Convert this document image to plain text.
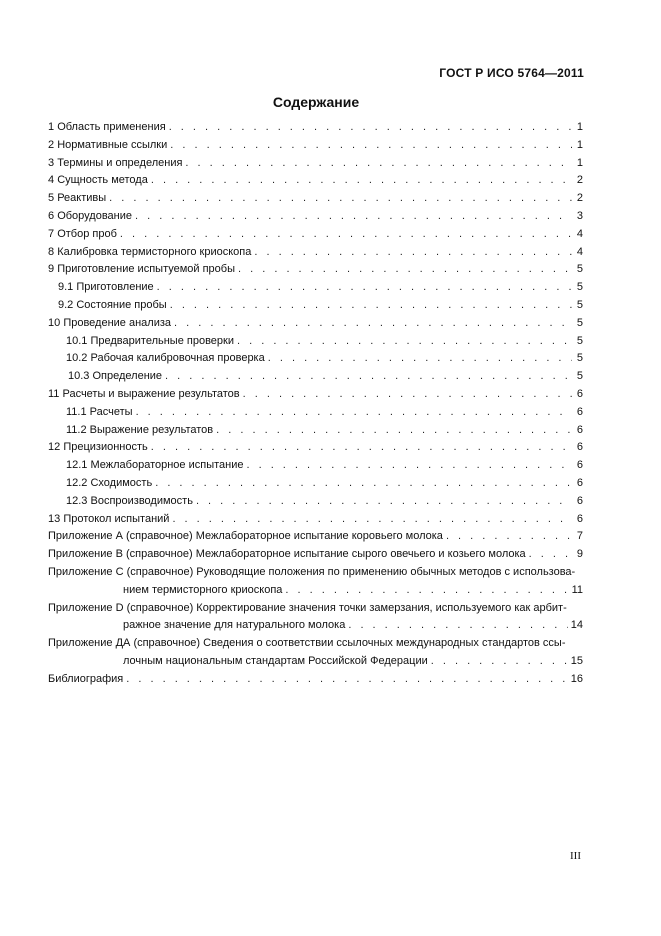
ГОСТ Р ИСО 5764—2011
Содержание
1 Область применения . . .	1
2 Нормативные ссылки . . .	1
3 Термины и определения . . .	1
4 Сущность метода . . .	2
5 Реактивы . . .	2
6 Оборудование . . .	3
7 Отбор проб . . .	4
8 Калибровка термисторного криоскопа . . .	4
9 Приготовление испытуемой пробы . . .	5
9.1 Приготовление . . .	5
9.2 Состояние пробы . . .	5
10 Проведение анализа . . .	5
10.1 Предварительные проверки . . .	5
10.2 Рабочая калибровочная проверка . . .	5
10.3 Определение . . .	5
11 Расчеты и выражение результатов . . .	6
11.1 Расчеты . . .	6
11.2 Выражение результатов . . .	6
12 Прецизионность . . .	6
12.1 Межлабораторное испытание . . .	6
12.2 Сходимость . . .	6
12.3 Воспроизводимость . . .	6
13 Протокол испытаний . . .	6
Приложение А (справочное) Межлабораторное испытание коровьего молока . . .	7
Приложение В (справочное) Межлабораторное испытание сырого овечьего и козьего молока . . .	9
Приложение С (справочное) Руководящие положения по применению обычных методов с использова-
нием термисторного криоскопа . . .	11
Приложение D (справочное) Корректирование значения точки замерзания, используемого как арбит-
ражное значение для натурального молока . . .	14
Приложение ДА (справочное) Сведения о соответствии ссылочных международных стандартов ссы-
лочным национальным стандартам Российской Федерации . . .	15
Библиография . . .	16
III
